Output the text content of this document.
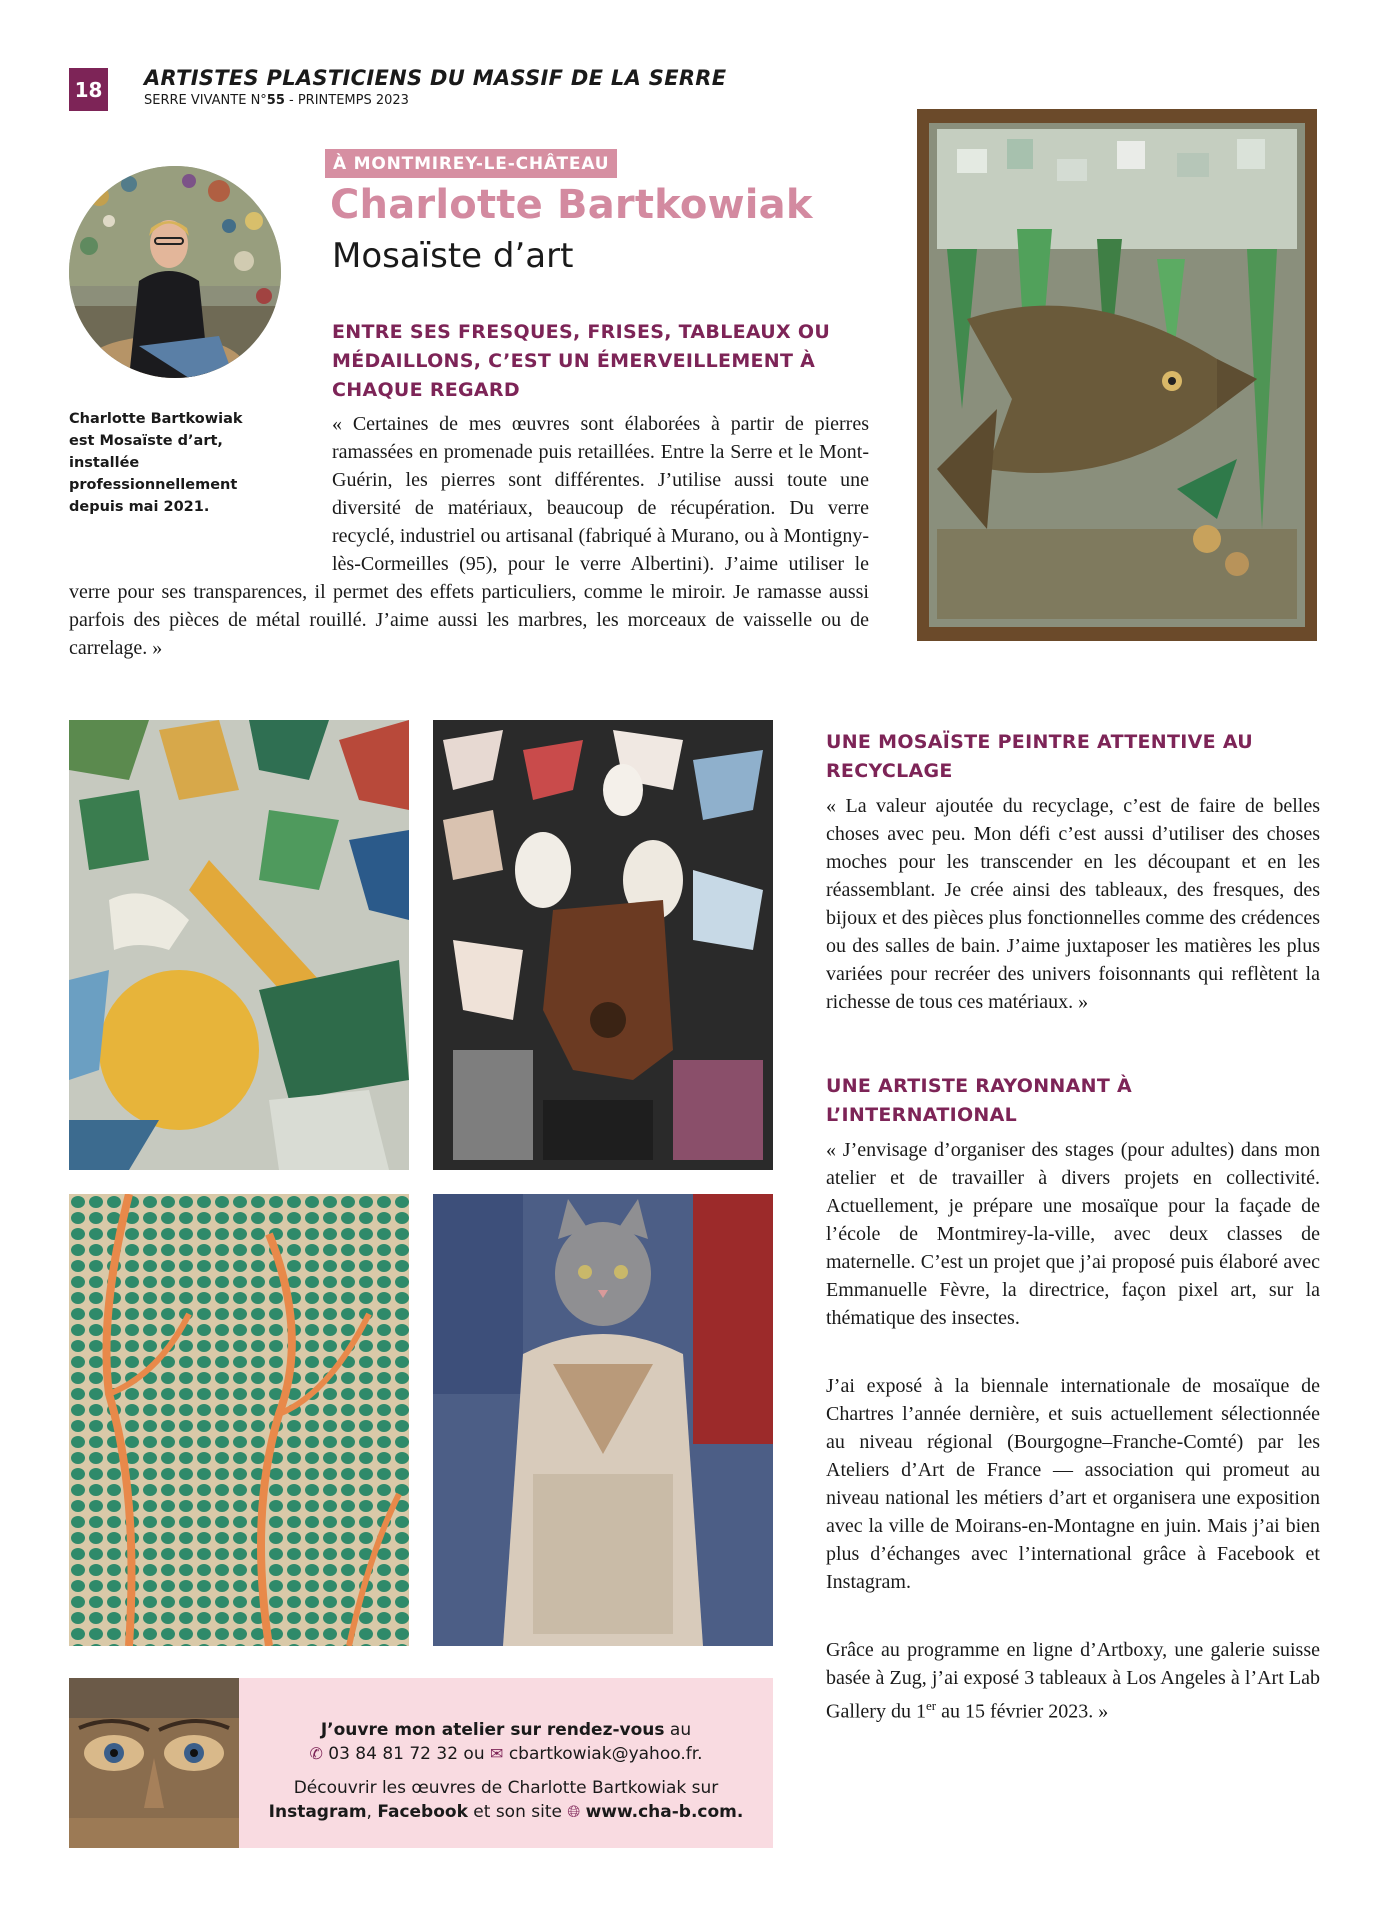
18 ARTISTES PLASTICIENS DU MASSIF DE LA SERRE
SERRE VIVANTE N°55 - PRINTEMPS 2023
Charlotte Bartkowiak est Mosaïste d’art, installée professionnellement depuis mai 2021.
À MONTMIREY-LE-CHÂTEAU
Charlotte Bartkowiak
Mosaïste d’art
ENTRE SES FRESQUES, FRISES, TABLEAUX OU MÉDAILLONS, C’EST UN ÉMERVEILLEMENT À CHAQUE REGARD

« Certaines de mes œuvres sont élaborées à partir de pierres ramassées en promenade puis retaillées. Entre la Serre et le Mont-Guérin, les pierres sont différentes. J’utilise aussi toute une diversité de matériaux, beaucoup de récupération. Du verre recyclé, industriel ou artisanal (fabriqué à Murano, ou à Montigny-lès-Cormeilles (95), pour le verre Albertini). J’aime utiliser le verre pour ses transparences, il permet des effets particuliers, comme le miroir. Je ramasse aussi parfois des pièces de métal rouillé. J’aime aussi les marbres, les morceaux de vaisselle ou de carrelage. »

UNE MOSAÏSTE PEINTRE ATTENTIVE AU RECYCLAGE

« La valeur ajoutée du recyclage, c’est de faire de belles choses avec peu. Mon défi c’est aussi d’utiliser des choses moches pour les transcender en les découpant et en les réassemblant. Je crée ainsi des tableaux, des fresques, des bijoux et des pièces plus fonctionnelles comme des crédences ou des salles de bain. J’aime juxtaposer les matières les plus variées pour recréer des univers foisonnants qui reflètent la richesse de tous ces matériaux. »

UNE ARTISTE RAYONNANT À L’INTERNATIONAL

« J’envisage d’organiser des stages (pour adultes) dans mon atelier et de travailler à divers projets en collectivité. Actuellement, je prépare une mosaïque pour la façade de l’école de Montmirey-la-ville, avec deux classes de maternelle. C’est un projet que j’ai proposé puis élaboré avec Emmanuelle Fèvre, la directrice, façon pixel art, sur la thématique des insectes.

J’ai exposé à la biennale internationale de mosaïque de Chartres l’année dernière, et suis actuellement sélectionnée au niveau régional (Bourgogne–Franche-Comté) par les Ateliers d’Art de France — association qui promeut au niveau national les métiers d’art et organisera une exposition avec la ville de Moirans-en-Montagne en juin. Mais j’ai bien plus d’échanges avec l’international grâce à Facebook et Instagram.

Grâce au programme en ligne d’Artboxy, une galerie suisse basée à Zug, j’ai exposé 3 tableaux à Los Angeles à l’Art Lab Gallery du 1er au 15 février 2023. »

J’ouvre mon atelier sur rendez-vous au
✆ 03 84 81 72 32 ou ✉ cbartkowiak@yahoo.fr.
Découvrir les œuvres de Charlotte Bartkowiak sur
Instagram, Facebook et son site 🌐︎ www.cha-b.com.
